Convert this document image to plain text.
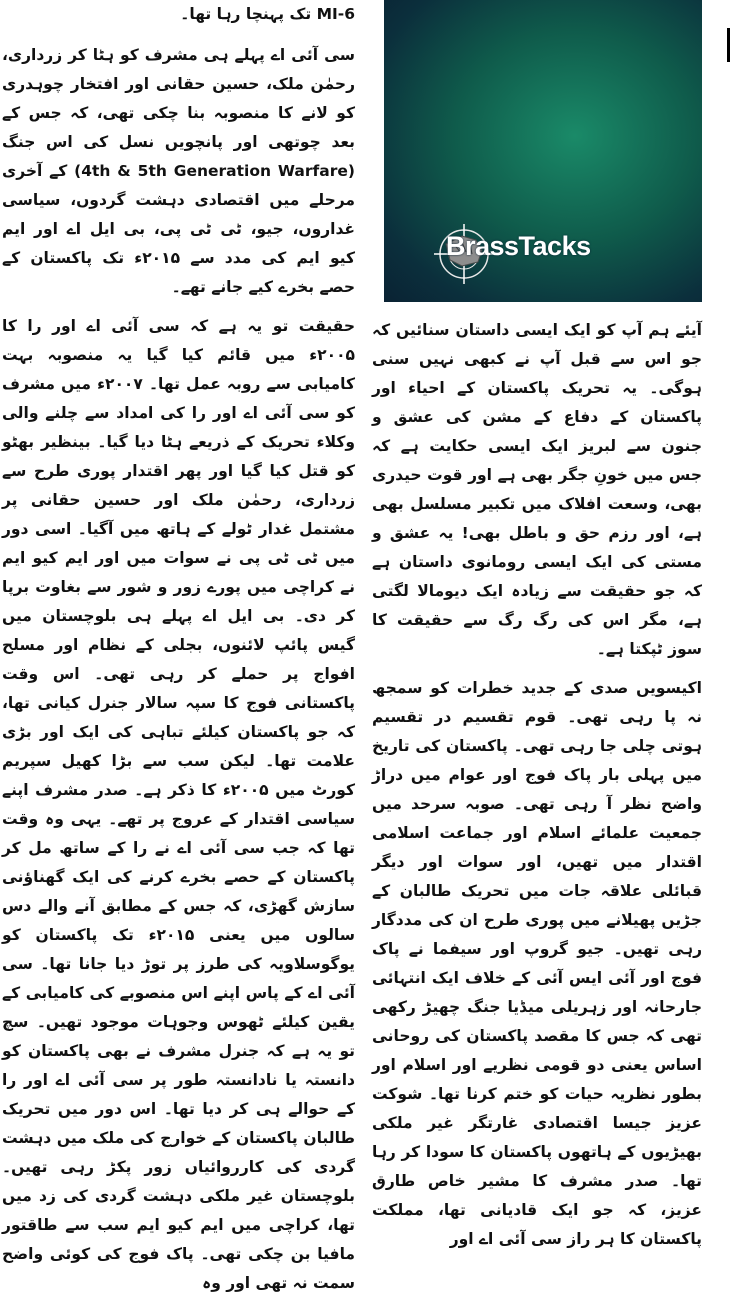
MI-6 تک پہنچا رہا تھا۔

سی آئی اے پہلے ہی مشرف کو ہٹا کر زرداری، رحمٰن ملک، حسین حقانی اور افتخار چوہدری کو لانے کا منصوبہ بنا چکی تھی، کہ جس کے بعد چوتھی اور پانچویں نسل کی اس جنگ (4th & 5th Generation Warfare) کے آخری مرحلے میں اقتصادی دہشت گردوں، سیاسی غداروں، جیو، ٹی ٹی پی، بی ایل اے اور ایم کیو ایم کی مدد سے ۲۰۱۵ء تک پاکستان کے حصے بخرے کیے جانے تھے۔

حقیقت تو یہ ہے کہ سی آئی اے اور را کا ۲۰۰۵ء میں قائم کیا گیا یہ منصوبہ بہت کامیابی سے روبہ عمل تھا۔ ۲۰۰۷ء میں مشرف کو سی آئی اے اور را کی امداد سے چلنے والی وکلاء تحریک کے ذریعے ہٹا دیا گیا۔ بینظیر بھٹو کو قتل کیا گیا اور پھر اقتدار پوری طرح سے زرداری، رحمٰن ملک اور حسین حقانی پر مشتمل غدار ٹولے کے ہاتھ میں آگیا۔ اسی دور میں ٹی ٹی پی نے سوات میں اور ایم کیو ایم نے کراچی میں پورے زور و شور سے بغاوت برپا کر دی۔ بی ایل اے پہلے ہی بلوچستان میں گیس پائپ لائنوں، بجلی کے نظام اور مسلح افواج پر حملے کر رہی تھی۔ اس وقت پاکستانی فوج کا سپہ سالار جنرل کیانی تھا، کہ جو پاکستان کیلئے تباہی کی ایک اور بڑی علامت تھا۔ لیکن سب سے بڑا کھیل سپریم کورٹ میں ۲۰۰۵ء کا ذکر ہے۔ صدر مشرف اپنے سیاسی اقتدار کے عروج پر تھے۔ یہی وہ وقت تھا کہ جب سی آئی اے نے را کے ساتھ مل کر پاکستان کے حصے بخرے کرنے کی ایک گھناؤنی سازش گھڑی، کہ جس کے مطابق آنے والے دس سالوں میں یعنی ۲۰۱۵ء تک پاکستان کو یوگوسلاویہ کی طرز پر توڑ دیا جانا تھا۔ سی آئی اے کے پاس اپنے اس منصوبے کی کامیابی کے یقین کیلئے ٹھوس وجوہات موجود تھیں۔ سچ تو یہ ہے کہ جنرل مشرف نے بھی پاکستان کو دانستہ یا نادانستہ طور پر سی آئی اے اور را کے حوالے ہی کر دیا تھا۔ اس دور میں تحریک طالبان پاکستان کے خوارج کی ملک میں دہشت گردی کی کارروائیاں زور پکڑ رہی تھیں۔ بلوچستان غیر ملکی دہشت گردی کی زد میں تھا، کراچی میں ایم کیو ایم سب سے طاقتور مافیا بن چکی تھی۔ پاک فوج کی کوئی واضح سمت نہ تھی اور وہ

BrassTacks

آیئے ہم آپ کو ایک ایسی داستان سنائیں کہ جو اس سے قبل آپ نے کبھی نہیں سنی ہوگی۔ یہ تحریک پاکستان کے احیاء اور پاکستان کے دفاع کے مشن کی عشق و جنون سے لبریز ایک ایسی حکایت ہے کہ جس میں خونِ جگر بھی ہے اور قوت حیدری بھی، وسعت افلاک میں تکبیر مسلسل بھی ہے، اور رزم حق و باطل بھی! یہ عشق و مستی کی ایک ایسی رومانوی داستان ہے کہ جو حقیقت سے زیادہ ایک دیومالا لگتی ہے، مگر اس کی رگ رگ سے حقیقت کا سوز ٹپکتا ہے۔

اکیسویں صدی کے جدید خطرات کو سمجھ نہ پا رہی تھی۔ قوم تقسیم در تقسیم ہوتی چلی جا رہی تھی۔ پاکستان کی تاریخ میں پہلی بار پاک فوج اور عوام میں دراڑ واضح نظر آ رہی تھی۔ صوبہ سرحد میں جمعیت علمائے اسلام اور جماعت اسلامی اقتدار میں تھیں، اور سوات اور دیگر قبائلی علاقہ جات میں تحریک طالبان کے جڑیں پھیلانے میں پوری طرح ان کی مددگار رہی تھیں۔ جیو گروپ اور سیفما نے پاک فوج اور آئی ایس آئی کے خلاف ایک انتہائی جارحانہ اور زہریلی میڈیا جنگ چھیڑ رکھی تھی کہ جس کا مقصد پاکستان کی روحانی اساس یعنی دو قومی نظریے اور اسلام اور بطور نظریہ حیات کو ختم کرنا تھا۔ شوکت عزیز جیسا اقتصادی غارتگر غیر ملکی بھیڑیوں کے ہاتھوں پاکستان کا سودا کر رہا تھا۔ صدر مشرف کا مشیر خاص طارق عزیز، کہ جو ایک قادیانی تھا، مملکت پاکستان کا ہر راز سی آئی اے اور
